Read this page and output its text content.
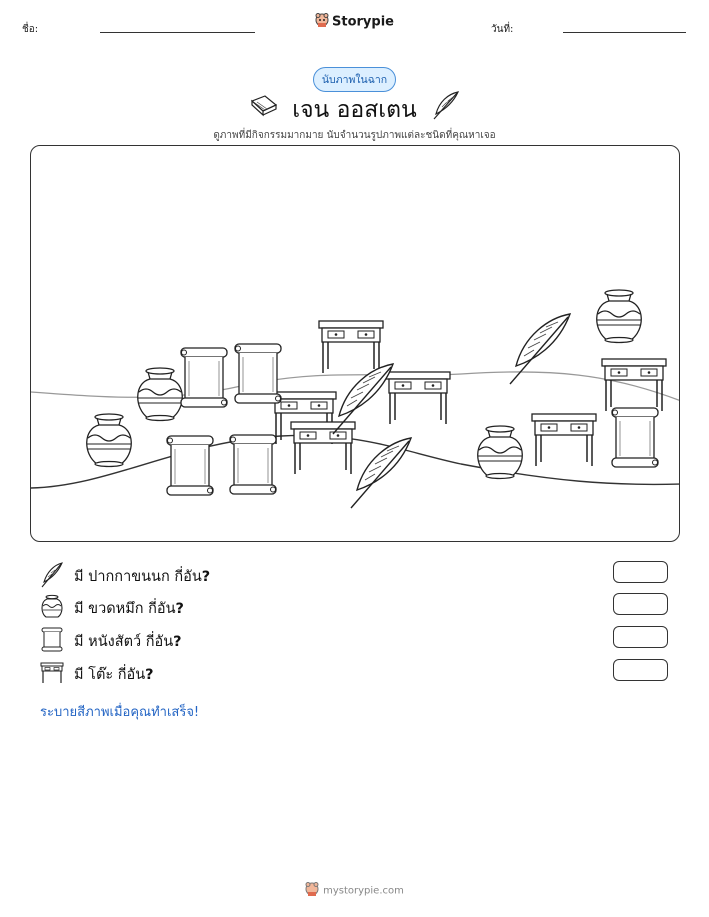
ชื่อ:	Storypie	วันที่:
นับภาพในฉาก
เจน ออสเตน
ดูภาพที่มีกิจกรรมมากมาย นับจำนวนรูปภาพแต่ละชนิดที่คุณหาเจอ
มี ปากกาขนนก กี่อัน?
มี ขวดหมึก กี่อัน?
มี หนังสัตว์ กี่อัน?
มี โต๊ะ กี่อัน?
ระบายสีภาพเมื่อคุณทำเสร็จ!
mystorypie.com
